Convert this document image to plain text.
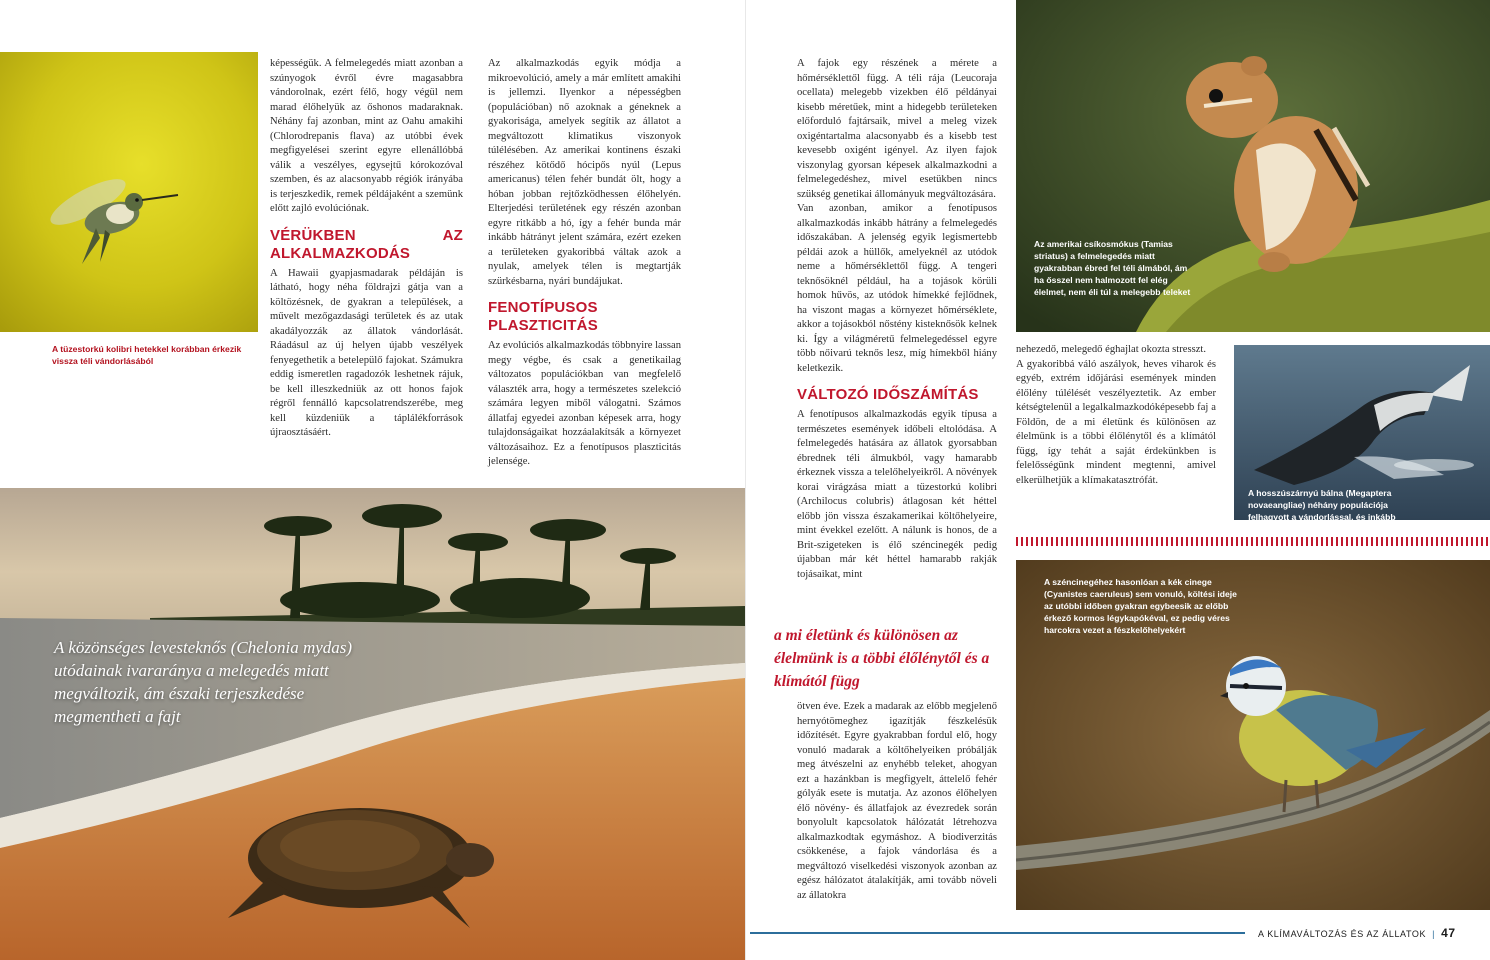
A tüzestorkú kolibri hetekkel korábban érkezik vissza téli vándorlásából

képességük. A felmelegedés miatt azonban a szúnyogok évről évre magasabbra vándorolnak, ezért félő, hogy végül nem marad élőhelyük az őshonos madaraknak. Néhány faj azonban, mint az Oahu amakihi (Chlorodrepanis flava) az utóbbi évek megfigyelései szerint egyre ellenállóbbá válik a veszélyes, egysejtű kórokozóval szemben, és az alacsonyabb régiók irányába is terjeszkedik, remek példájaként a szemünk előtt zajló evolúciónak.

VÉRÜKBEN AZ ALKALMAZKODÁS

A Hawaii gyapjasmadarak példáján is látható, hogy néha földrajzi gátja van a költözésnek, de gyakran a települések, a művelt mezőgazdasági területek és az utak akadályozzák az állatok vándorlását. Ráadásul az új helyen újabb veszélyek fenyegethetik a betelepülő fajokat. Számukra eddig ismeretlen ragadozók leshetnek rájuk, be kell illeszkedniük az ott honos fajok régről fennálló kapcsolatrendszerébe, meg kell küzdeniük a táplálékforrások újraosztásáért.

Az alkalmazkodás egyik módja a mikroevolúció, amely a már említett amakihi is jellemzi. Ilyenkor a népességben (populációban) nő azoknak a géneknek a gyakorisága, amelyek segítik az állatot a megváltozott klimatikus viszonyok túlélésében. Az amerikai kontinens északi részéhez kötődő hócipős nyúl (Lepus americanus) télen fehér bundát ölt, hogy a hóban jobban rejtőzködhessen élőhelyén. Elterjedési területének egy részén azonban egyre ritkább a hó, így a fehér bunda már inkább hátrányt jelent számára, ezért ezeken a területeken gyakoribbá váltak azok a nyulak, amelyek télen is megtartják szürkésbarna, nyári bundájukat.

FENOTÍPUSOS PLASZTICITÁS

Az evolúciós alkalmazkodás többnyire lassan megy végbe, és csak a genetikailag változatos populációkban van megfelelő választék arra, hogy a természetes szelekció számára legyen miből válogatni. Számos állatfaj egyedei azonban képesek arra, hogy tulajdonságaikat hozzáalakítsák a környezet változásaihoz. Ez a fenotípusos plaszticitás jelensége.

A közönséges levesteknős (Chelonia mydas) utódainak ivararánya a melegedés miatt megváltozik, ám északi terjeszkedése megmentheti a fajt

A fajok egy részének a mérete a hőmérséklettől függ. A téli rája (Leucoraja ocellata) melegebb vizekben élő példányai kisebb méretűek, mint a hidegebb területeken előforduló fajtársaik, mivel a meleg vizek oxigéntartalma alacsonyabb és a kisebb test kevesebb oxigént igényel. Az ilyen fajok viszonylag gyorsan képesek alkalmazkodni a felmelegedéshez, mivel esetükben nincs szükség genetikai állományuk megváltozására.

Van azonban, amikor a fenotípusos alkalmazkodás inkább hátrány a felmelegedés időszakában. A jelenség egyik legismertebb példái azok a hüllők, amelyeknél az utódok neme a hőmérséklettől függ. A tengeri teknősöknél például, ha a tojások körüli homok hűvös, az utódok hímekké fejlődnek, ha viszont magas a környezet hőmérséklete, akkor a tojásokból nőstény kisteknősök kelnek ki. Így a világméretű felmelegedéssel egyre több nőivarú teknős lesz, míg hímekből hiány keletkezik.

VÁLTOZÓ IDŐSZÁMÍTÁS

A fenotípusos alkalmazkodás egyik típusa a természetes események időbeli eltolódása. A felmelegedés hatására az állatok gyorsabban ébrednek téli álmukból, vagy hamarabb érkeznek vissza a telelőhelyeikről. A növények korai virágzása miatt a tüzestorkú kolibri (Archilocus colubris) átlagosan két héttel előbb jön vissza északamerikai költőhelyeire, mint évekkel ezelőtt. A nálunk is honos, de a Brit-szigeteken is élő széncinegék pedig újabban már két héttel hamarabb rakják tojásaikat, mint

a mi életünk és különösen az élelmünk is a többi élőlénytől és a klímától függ

ötven éve. Ezek a madarak az előbb megjelenő hernyótömeghez igazítják fészkelésük időzítését. Egyre gyakrabban fordul elő, hogy vonuló madarak a költőhelyeiken próbálják meg átvészelni az enyhébb teleket, ahogyan ezt a hazánkban is megfigyelt, áttelelő fehér gólyák esete is mutatja. Az azonos élőhelyen élő növény- és állatfajok az évezredek során bonyolult kapcsolatok hálózatát létrehozva alkalmazkodtak egymáshoz. A biodiverzitás csökkenése, a fajok vándorlása és a megváltozó viselkedési viszonyok azonban az egész hálózatot átalakítják, ami tovább növeli az állatokra

Az amerikai csíkosmókus (Tamias striatus) a felmelegedés miatt gyakrabban ébred fel téli álmából, ám ha ősszel nem halmozott fel elég élelmet, nem éli túl a melegebb teleket

nehezedő, melegedő éghajlat okozta stresszt.

A gyakoribbá váló aszályok, heves viharok és egyéb, extrém időjárási események minden élőlény túlélését veszélyeztetik. Az ember kétségtelenül a legalkalmazkodóképesebb faj a Földön, de a mi életünk és különösen az élelmünk is a többi élőlénytől és a klímától függ, így tehát a saját érdekünkben is felelősségünk mindent megtenni, amivel elkerülhetjük a klímakatasztrófát.

A hosszúszárnyú bálna (Megaptera novaeangliae) néhány populációja felhagyott a vándorlással, és inkább áttelel az északi vizekben
A széncinegéhez hasonlóan a kék cinege (Cyanistes caeruleus) sem vonuló, költési ideje az utóbbi időben gyakran egybeesik az előbb érkező kormos légykapókéval, ez pedig véres harcokra vezet a fészkelőhelyekért
A KLÍMAVÁLTOZÁS ÉS AZ ÁLLATOK | 47
